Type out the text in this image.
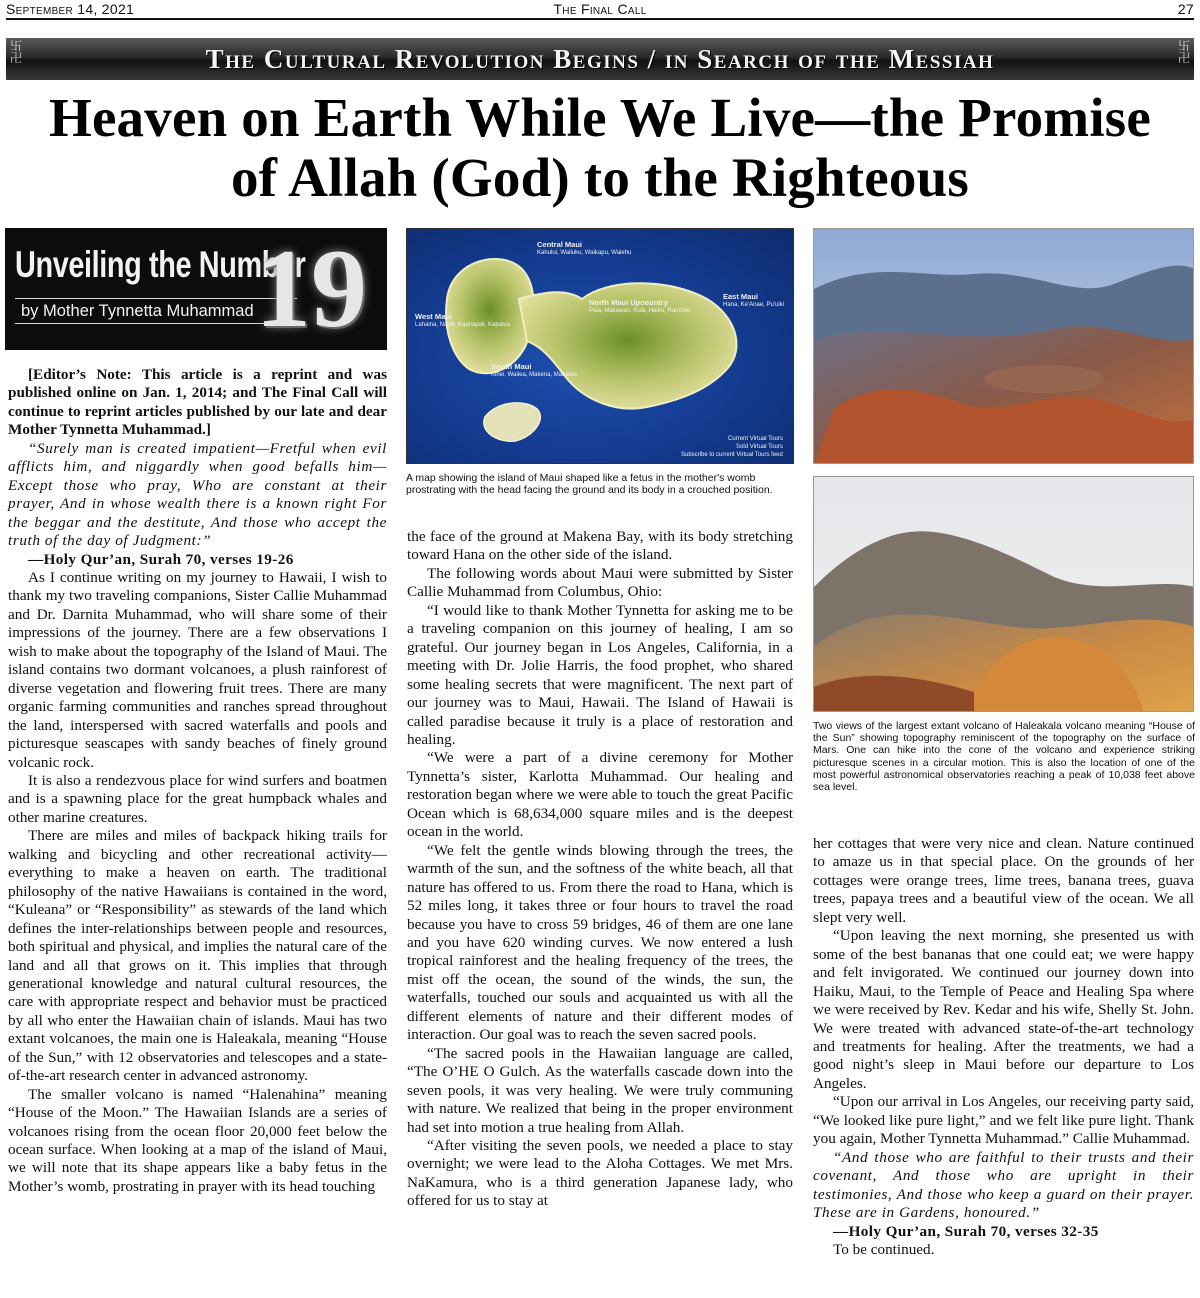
September 14, 2021	The Final Call	27
卐
卍	The Cultural Revolution Begins / in Search of the Messiah	卐
卍
Heaven on Earth While We Live—the Promise
of Allah (God) to the Righteous
Unveiling the Number
by Mother Tynnetta Muhammad 19	Central Maui
Kahului, Wailuku, Waikapu, Waiehu
West Maui
Lahaina, Napili, Kaanapali, Kapalua
North Maui Upcountry
Paia, Makawao, Kula, Haiku, Ranches
East Maui
Hana, Ke'Anae, Pu'uiki
South Maui
Kihei, Wailea, Makena, Maalaea
Current Virtual Tours
Sold Virtual Tours
Subscribe to current Virtual Tours feed
A map showing the island of Maui shaped like a fetus in the mother's womb prostrating with the head facing the ground and its body in a crouched position.
Two views of the largest extant volcano of Haleakala volcano meaning “House of the Sun” showing topography reminiscent of the topography on the surface of Mars. One can hike into the cone of the volcano and experience striking picturesque scenes in a circular motion. This is also the location of one of the most powerful astronomical observatories reaching a peak of 10,038 feet above sea level.

[Editor’s Note: This article is a reprint and was published online on Jan. 1, 2014; and The Final Call will continue to reprint articles published by our late and dear Mother Tynnetta Muhammad.]

“Surely man is created impatient—Fretful when evil afflicts him, and niggardly when good befalls him—Except those who pray, Who are constant at their prayer, And in whose wealth there is a known right For the beggar and the destitute, And those who accept the truth of the day of Judgment:”

—Holy Qur’an, Surah 70, verses 19-26

As I continue writing on my journey to Hawaii, I wish to thank my two traveling companions, Sister Callie Muhammad and Dr. Darnita Muhammad, who will share some of their impressions of the journey. There are a few observations I wish to make about the topography of the Island of Maui. The island contains two dormant volcanoes, a plush rainforest of diverse vegetation and flowering fruit trees. There are many organic farming communities and ranches spread throughout the land, interspersed with sacred waterfalls and pools and picturesque seascapes with sandy beaches of finely ground volcanic rock.

It is also a rendezvous place for wind surfers and boatmen and is a spawning place for the great humpback whales and other marine creatures.

There are miles and miles of backpack hiking trails for walking and bicycling and other recreational activity—everything to make a heaven on earth. The traditional philosophy of the native Hawaiians is contained in the word, “Kuleana” or “Responsibility” as stewards of the land which defines the inter-relationships between people and resources, both spiritual and physical, and implies the natural care of the land and all that grows on it. This implies that through generational knowledge and natural cultural resources, the care with appropriate respect and behavior must be practiced by all who enter the Hawaiian chain of islands. Maui has two extant volcanoes, the main one is Haleakala, meaning “House of the Sun,” with 12 observatories and telescopes and a state-of-the-art research center in advanced astronomy.

The smaller volcano is named “Halenahina” meaning “House of the Moon.” The Hawaiian Islands are a series of volcanoes rising from the ocean floor 20,000 feet below the ocean surface. When looking at a map of the island of Maui, we will note that its shape appears like a baby fetus in the Mother’s womb, prostrating in prayer with its head touching

the face of the ground at Makena Bay, with its body stretching toward Hana on the other side of the island.

The following words about Maui were submitted by Sister Callie Muhammad from Columbus, Ohio:

“I would like to thank Mother Tynnetta for asking me to be a traveling companion on this journey of healing, I am so grateful. Our journey began in Los Angeles, California, in a meeting with Dr. Jolie Harris, the food prophet, who shared some healing secrets that were magnificent. The next part of our journey was to Maui, Hawaii. The Island of Hawaii is called paradise because it truly is a place of restoration and healing.

“We were a part of a divine ceremony for Mother Tynnetta’s sister, Karlotta Muhammad. Our healing and restoration began where we were able to touch the great Pacific Ocean which is 68,634,000 square miles and is the deepest ocean in the world.

“We felt the gentle winds blowing through the trees, the warmth of the sun, and the softness of the white beach, all that nature has offered to us. From there the road to Hana, which is 52 miles long, it takes three or four hours to travel the road because you have to cross 59 bridges, 46 of them are one lane and you have 620 winding curves. We now entered a lush tropical rainforest and the healing frequency of the trees, the mist off the ocean, the sound of the winds, the sun, the waterfalls, touched our souls and acquainted us with all the different elements of nature and their different modes of interaction. Our goal was to reach the seven sacred pools.

“The sacred pools in the Hawaiian language are called, “The O’HE O Gulch. As the waterfalls cascade down into the seven pools, it was very healing. We were truly communing with nature. We realized that being in the proper environment had set into motion a true healing from Allah.

“After visiting the seven pools, we needed a place to stay overnight; we were lead to the Aloha Cottages. We met Mrs. NaKamura, who is a third generation Japanese lady, who offered for us to stay at

her cottages that were very nice and clean. Nature continued to amaze us in that special place. On the grounds of her cottages were orange trees, lime trees, banana trees, guava trees, papaya trees and a beautiful view of the ocean. We all slept very well.

“Upon leaving the next morning, she presented us with some of the best bananas that one could eat; we were happy and felt invigorated. We continued our journey down into Haiku, Maui, to the Temple of Peace and Healing Spa where we were received by Rev. Kedar and his wife, Shelly St. John. We were treated with advanced state-of-the-art technology and treatments for healing. After the treatments, we had a good night’s sleep in Maui before our departure to Los Angeles.

“Upon our arrival in Los Angeles, our receiving party said, “We looked like pure light,” and we felt like pure light. Thank you again, Mother Tynnetta Muhammad.” Callie Muhammad.

“And those who are faithful to their trusts and their covenant, And those who are upright in their testimonies, And those who keep a guard on their prayer. These are in Gardens, honoured.”

—Holy Qur’an, Surah 70, verses 32-35

To be continued.
